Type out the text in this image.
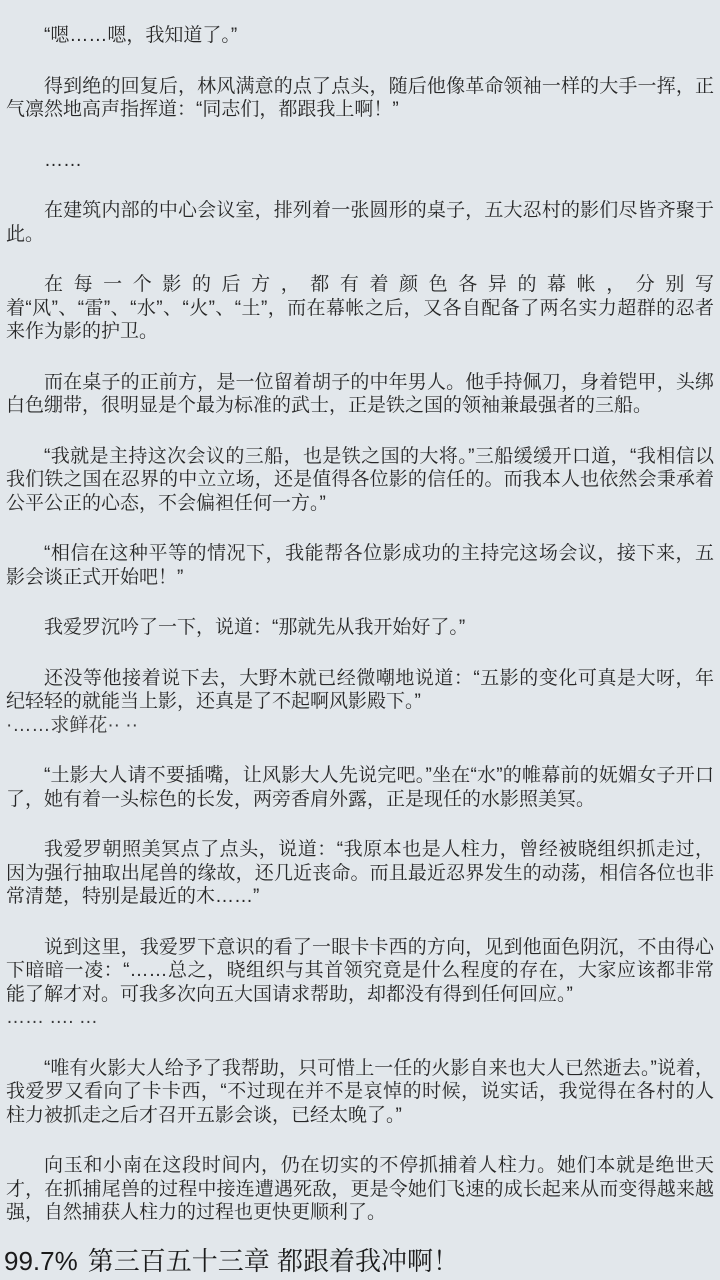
“嗯……嗯，我知道了。”

得到绝的回复后，林风满意的点了点头，随后他像革命领袖一样的大手一挥，正气凛然地高声指挥道：“同志们，都跟我上啊！”

……

在建筑内部的中心会议室，排列着一张圆形的桌子，五大忍村的影们尽皆齐聚于此。

在每一个影的后方，都有着颜色各异的幕帐，分别写着“风”、“雷”、“水”、“火”、“土”，而在幕帐之后，又各自配备了两名实力超群的忍者来作为影的护卫。

而在桌子的正前方，是一位留着胡子的中年男人。他手持佩刀，身着铠甲，头绑白色绷带，很明显是个最为标准的武士，正是铁之国的领袖兼最强者的三船。

“我就是主持这次会议的三船，也是铁之国的大将。”三船缓缓开口道，“我相信以我们铁之国在忍界的中立立场，还是值得各位影的信任的。而我本人也依然会秉承着公平公正的心态，不会偏袒任何一方。”

“相信在这种平等的情况下，我能帮各位影成功的主持完这场会议，接下来，五影会谈正式开始吧！”

我爱罗沉吟了一下，说道：“那就先从我开始好了。”

还没等他接着说下去，大野木就已经微嘲地说道：“五影的变化可真是大呀，年纪轻轻的就能当上影，还真是了不起啊风影殿下。”

·……求鲜花·· ··

“土影大人请不要插嘴，让风影大人先说完吧。”坐在“水”的帷幕前的妩媚女子开口了，她有着一头棕色的长发，两旁香肩外露，正是现任的水影照美冥。

我爱罗朝照美冥点了点头，说道：“我原本也是人柱力，曾经被晓组织抓走过，因为强行抽取出尾兽的缘故，还几近丧命。而且最近忍界发生的动荡，相信各位也非常清楚，特别是最近的木……”

说到这里，我爱罗下意识的看了一眼卡卡西的方向，见到他面色阴沉，不由得心下暗暗一凌：“……总之，晓组织与其首领究竟是什么程度的存在，大家应该都非常能了解才对。可我多次向五大国请求帮助，却都没有得到任何回应。”

…… …. …

“唯有火影大人给予了我帮助，只可惜上一任的火影自来也大人已然逝去。”说着，我爱罗又看向了卡卡西，“不过现在并不是哀悼的时候，说实话，我觉得在各村的人柱力被抓走之后才召开五影会谈，已经太晚了。”

向玉和小南在这段时间内，仍在切实的不停抓捕着人柱力。她们本就是绝世天才，在抓捕尾兽的过程中接连遭遇死敌，更是令她们飞速的成长起来从而变得越来越强，自然捕获人柱力的过程也更快更顺利了。

99.7% 第三百五十三章 都跟着我冲啊！
